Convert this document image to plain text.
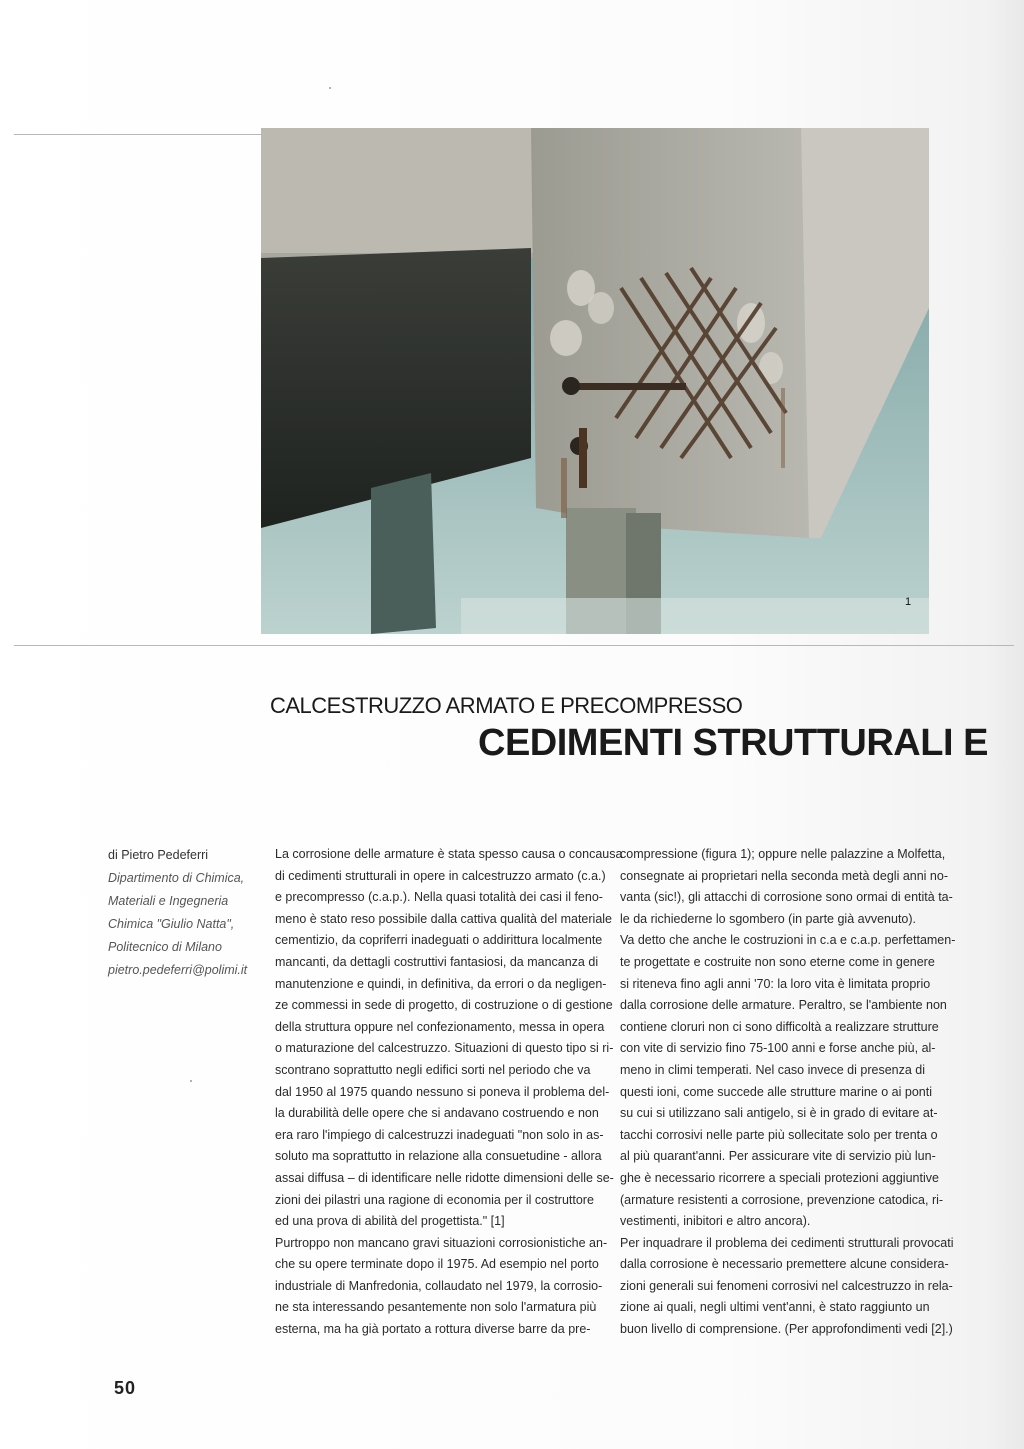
1
CALCESTRUZZO ARMATO E PRECOMPRESSO
CEDIMENTI STRUTTURALI E
di Pietro Pedeferri
Dipartimento di Chimica,
Materiali e Ingegneria
Chimica "Giulio Natta",
Politecnico di Milano
pietro.pedeferri@polimi.it
La corrosione delle armature è stata spesso causa o concausa
di cedimenti strutturali in opere in calcestruzzo armato (c.a.)
e precompresso (c.a.p.). Nella quasi totalità dei casi il feno-
meno è stato reso possibile dalla cattiva qualità del materiale
cementizio, da copriferri inadeguati o addirittura localmente
mancanti, da dettagli costruttivi fantasiosi, da mancanza di
manutenzione e quindi, in definitiva, da errori o da negligen-
ze commessi in sede di progetto, di costruzione o di gestione
della struttura oppure nel confezionamento, messa in opera
o maturazione del calcestruzzo. Situazioni di questo tipo si ri-
scontrano soprattutto negli edifici sorti nel periodo che va
dal 1950 al 1975 quando nessuno si poneva il problema del-
la durabilità delle opere che si andavano costruendo e non
era raro l'impiego di calcestruzzi inadeguati "non solo in as-
soluto ma soprattutto in relazione alla consuetudine - allora
assai diffusa – di identificare nelle ridotte dimensioni delle se-
zioni dei pilastri una ragione di economia per il costruttore
ed una prova di abilità del progettista." [1]
Purtroppo non mancano gravi situazioni corrosionistiche an-
che su opere terminate dopo il 1975. Ad esempio nel porto
industriale di Manfredonia, collaudato nel 1979, la corrosio-
ne sta interessando pesantemente non solo l'armatura più
esterna, ma ha già portato a rottura diverse barre da pre-
compressione (figura 1); oppure nelle palazzine a Molfetta,
consegnate ai proprietari nella seconda metà degli anni no-
vanta (sic!), gli attacchi di corrosione sono ormai di entità ta-
le da richiederne lo sgombero (in parte già avvenuto).
Va detto che anche le costruzioni in c.a e c.a.p. perfettamen-
te progettate e costruite non sono eterne come in genere
si riteneva fino agli anni '70: la loro vita è limitata proprio
dalla corrosione delle armature. Peraltro, se l'ambiente non
contiene cloruri non ci sono difficoltà a realizzare strutture
con vite di servizio fino 75-100 anni e forse anche più, al-
meno in climi temperati. Nel caso invece di presenza di
questi ioni, come succede alle strutture marine o ai ponti
su cui si utilizzano sali antigelo, si è in grado di evitare at-
tacchi corrosivi nelle parte più sollecitate solo per trenta o
al più quarant'anni. Per assicurare vite di servizio più lun-
ghe è necessario ricorrere a speciali protezioni aggiuntive
(armature resistenti a corrosione, prevenzione catodica, ri-
vestimenti, inibitori e altro ancora).
Per inquadrare il problema dei cedimenti strutturali provocati
dalla corrosione è necessario premettere alcune considera-
zioni generali sui fenomeni corrosivi nel calcestruzzo in rela-
zione ai quali, negli ultimi vent'anni, è stato raggiunto un
buon livello di comprensione. (Per approfondimenti vedi [2].)
50
